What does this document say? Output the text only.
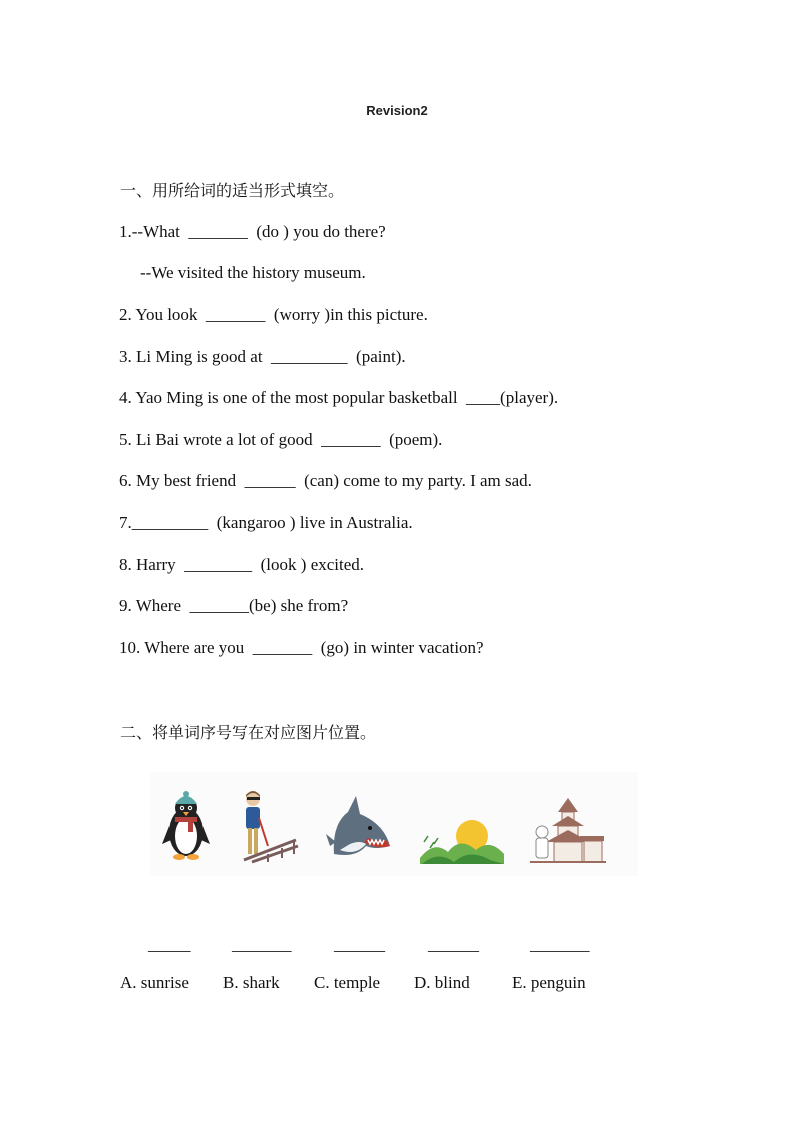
Revision2
一、用所给词的适当形式填空。
1.--What  _______  (do ) you do there?
--We visited the history museum.
2. You look  _______  (worry )in this picture.
3. Li Ming is good at  _________  (paint).
4. Yao Ming is one of the most popular basketball  ____(player).
5. Li Bai wrote a lot of good  _______  (poem).
6. My best friend  ______  (can) come to my party. I am sad.
7._________  (kangaroo ) live in Australia.
8. Harry  ________  (look ) excited.
9. Where  _______(be) she from?
10. Where are you  _______  (go) in winter vacation?
二、将单词序号写在对应图片位置。
_____ _______	______	______	_______
A. sunrise B. shark C. temple D. blind E. penguin
